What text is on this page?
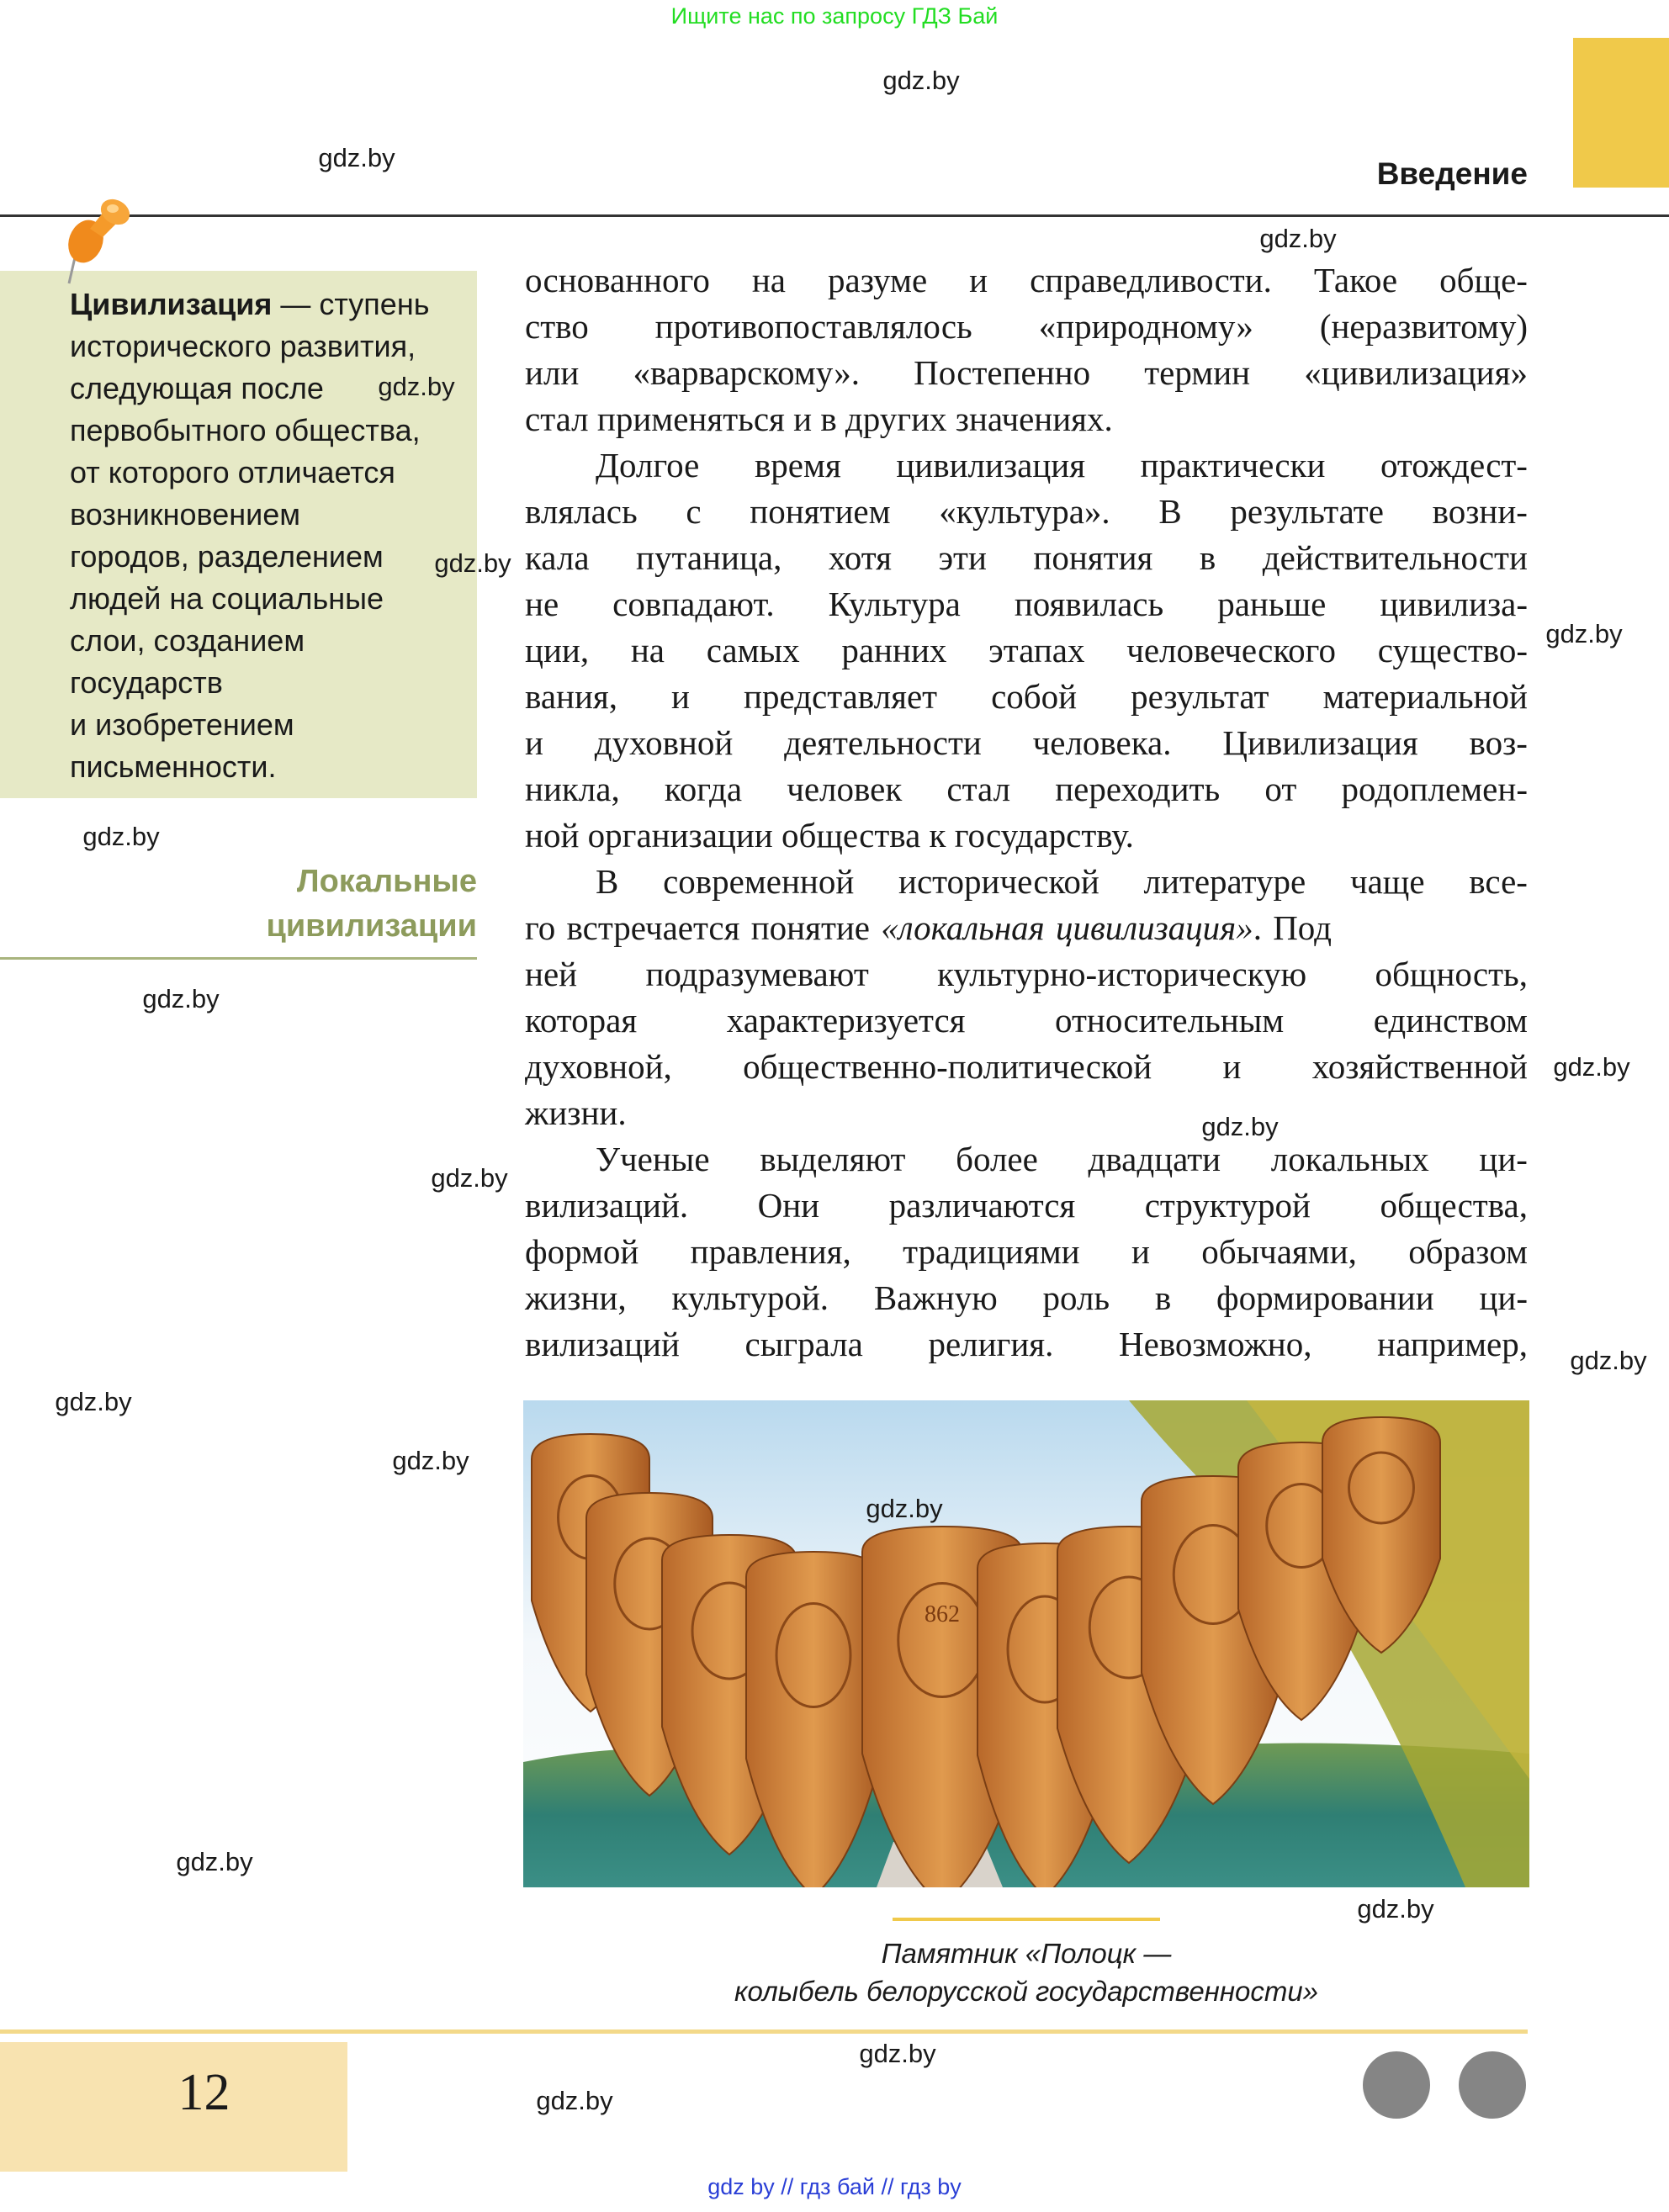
Ищите нас по запросу ГДЗ Бай
Введение
Цивилизация — ступень
исторического развития,
следующая после
первобытного общества,
от которого отличается
возникновением
городов, разделением
людей на социальные
слои, созданием
государств
и изобретением
письменности.
Локальные
цивилизации
основанного на разуме и справедливости. Такое обще-
ство противопоставлялось «природному» (неразвитому)
или «варварскому». Постепенно термин «цивилизация»
стал применяться и в других значениях.
Долгое время цивилизация практически отождест-
влялась с понятием «культура». В результате возни-
кала путаница, хотя эти понятия в действительности
не совпадают. Культура появилась раньше цивилиза-
ции, на самых ранних этапах человеческого существо-
вания, и представляет собой результат материальной
и духовной деятельности человека. Цивилизация воз-
никла, когда человек стал переходить от родоплемен-
ной организации общества к государству.
В современной исторической литературе чаще все-
го встречается понятие «локальная цивилизация». Под
ней подразумевают культурно-историческую общность,
которая	характеризуется	относительным	единством
духовной, общественно-политической и хозяйственной
жизни.
Ученые выделяют более двадцати локальных ци-
вилизаций. Они различаются структурой общества,
формой правления, традициями и обычаями, образом
жизни, культурой. Важную роль в формировании ци-
вилизаций сыграла религия. Невозможно, например,
862
Памятник «Полоцк —
колыбель белорусской государственности»
12
gdz by // гдз бай // гдз by
gdz.by
gdz.by
gdz.by
gdz.by
gdz.by
gdz.by
gdz.by
gdz.by
gdz.by
gdz.by
gdz.by
gdz.by
gdz.by
gdz.by
gdz.by
gdz.by
gdz.by
gdz.by
gdz.by
